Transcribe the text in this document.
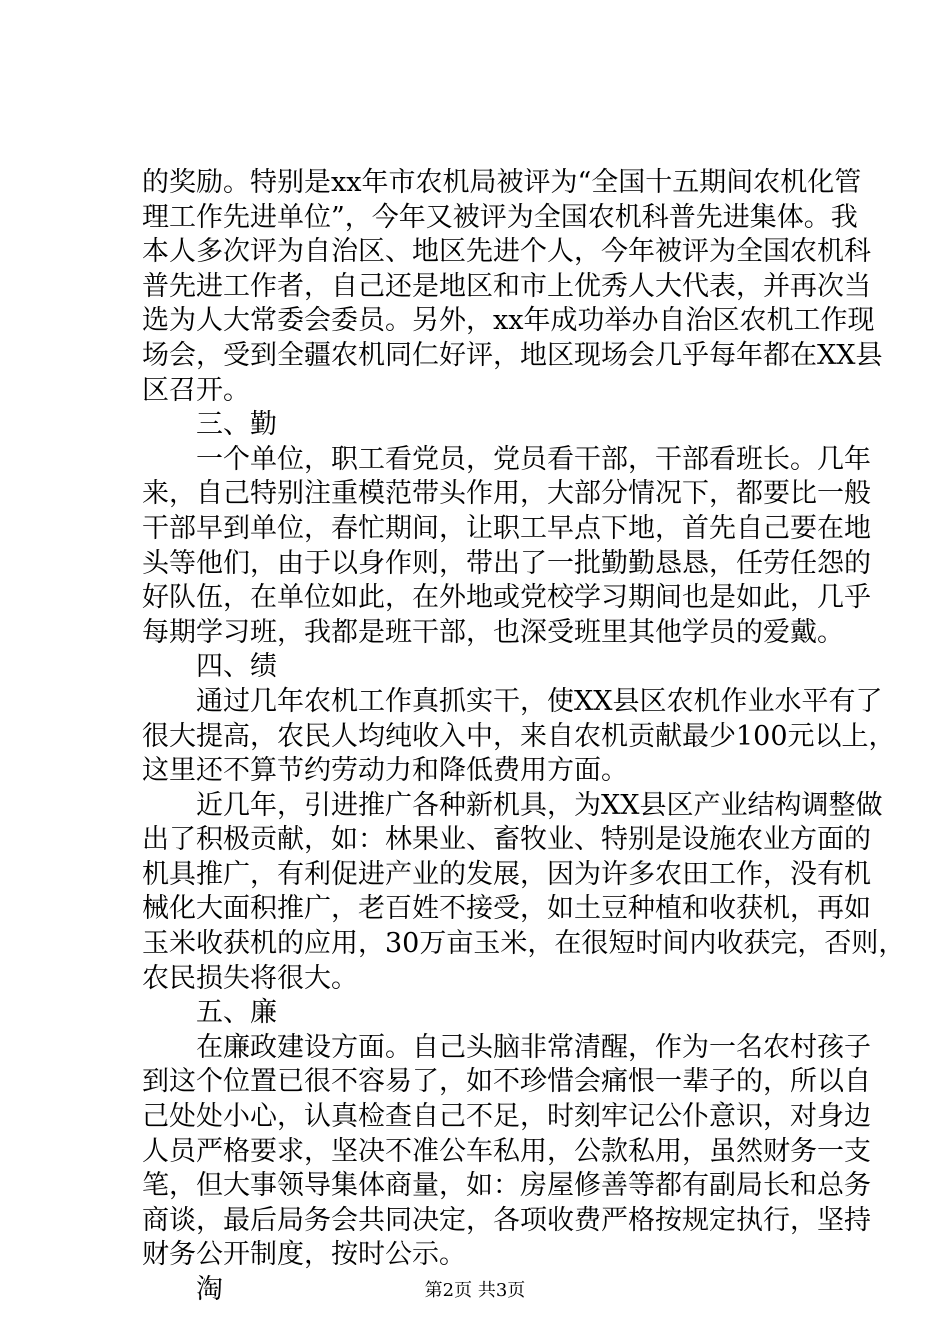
的奖励。特别是xx年市农机局被评为“全国十五期间农机化管
理工作先进单位”，今年又被评为全国农机科普先进集体。我
本人多次评为自治区、地区先进个人，今年被评为全国农机科
普先进工作者，自己还是地区和市上优秀人大代表，并再次当
选为人大常委会委员。另外，xx年成功举办自治区农机工作现
场会，受到全疆农机同仁好评，地区现场会几乎每年都在XX县
区召开。
三、勤
一个单位，职工看党员，党员看干部，干部看班长。几年
来，自己特别注重模范带头作用，大部分情况下，都要比一般
干部早到单位，春忙期间，让职工早点下地，首先自己要在地
头等他们，由于以身作则，带出了一批勤勤恳恳，任劳任怨的
好队伍，在单位如此，在外地或党校学习期间也是如此，几乎
每期学习班，我都是班干部，也深受班里其他学员的爱戴。
四、绩
通过几年农机工作真抓实干，使XX县区农机作业水平有了
很大提高，农民人均纯收入中，来自农机贡献最少100元以上，
这里还不算节约劳动力和降低费用方面。
近几年，引进推广各种新机具，为XX县区产业结构调整做
出了积极贡献，如：林果业、畜牧业、特别是设施农业方面的
机具推广，有利促进产业的发展，因为许多农田工作，没有机
械化大面积推广，老百姓不接受，如土豆种植和收获机，再如
玉米收获机的应用，30万亩玉米，在很短时间内收获完，否则，
农民损失将很大。
五、廉
在廉政建设方面。自己头脑非常清醒，作为一名农村孩子
到这个位置已很不容易了，如不珍惜会痛恨一辈子的，所以自
己处处小心，认真检查自己不足，时刻牢记公仆意识，对身边
人员严格要求，坚决不准公车私用，公款私用，虽然财务一支
笔，但大事领导集体商量，如：房屋修善等都有副局长和总务
商谈，最后局务会共同决定，各项收费严格按规定执行，坚持
财务公开制度，按时公示。
淘	第2页 共3页
